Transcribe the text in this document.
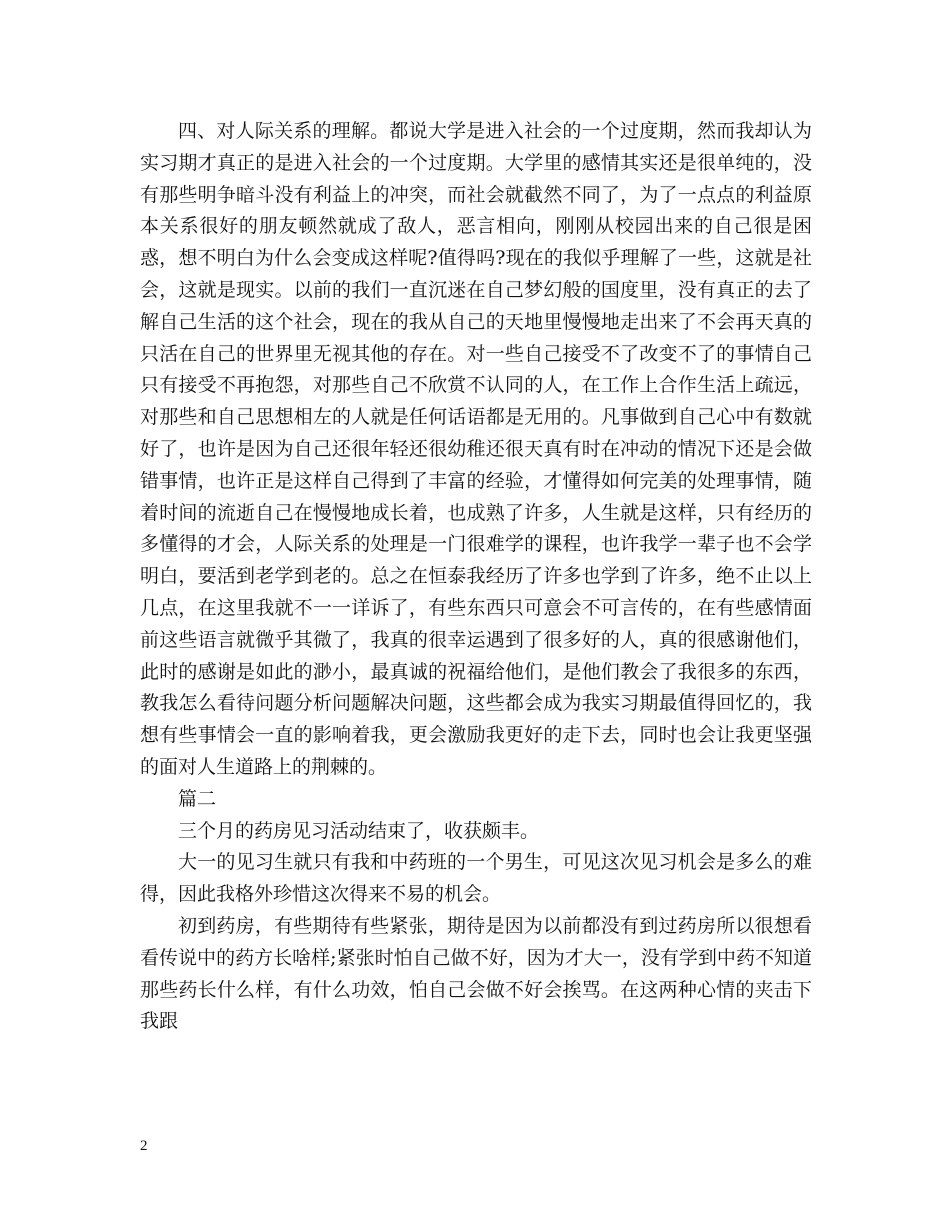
四、对人际关系的理解。都说大学是进入社会的一个过度期，然而我却认为实习期才真正的是进入社会的一个过度期。大学里的感情其实还是很单纯的，没有那些明争暗斗没有利益上的冲突，而社会就截然不同了，为了一点点的利益原本关系很好的朋友顿然就成了敌人，恶言相向，刚刚从校园出来的自己很是困惑，想不明白为什么会变成这样呢?值得吗?现在的我似乎理解了一些，这就是社会，这就是现实。以前的我们一直沉迷在自己梦幻般的国度里，没有真正的去了解自己生活的这个社会，现在的我从自己的天地里慢慢地走出来了不会再天真的只活在自己的世界里无视其他的存在。对一些自己接受不了改变不了的事情自己只有接受不再抱怨，对那些自己不欣赏不认同的人，在工作上合作生活上疏远，对那些和自己思想相左的人就是任何话语都是无用的。凡事做到自己心中有数就好了，也许是因为自己还很年轻还很幼稚还很天真有时在冲动的情况下还是会做错事情，也许正是这样自己得到了丰富的经验，才懂得如何完美的处理事情，随着时间的流逝自己在慢慢地成长着，也成熟了许多，人生就是这样，只有经历的多懂得的才会，人际关系的处理是一门很难学的课程，也许我学一辈子也不会学明白，要活到老学到老的。总之在恒泰我经历了许多也学到了许多，绝不止以上几点，在这里我就不一一详诉了，有些东西只可意会不可言传的，在有些感情面前这些语言就微乎其微了，我真的很幸运遇到了很多好的人，真的很感谢他们，此时的感谢是如此的渺小，最真诚的祝福给他们，是他们教会了我很多的东西，教我怎么看待问题分析问题解决问题，这些都会成为我实习期最值得回忆的，我想有些事情会一直的影响着我，更会激励我更好的走下去，同时也会让我更坚强的面对人生道路上的荆棘的。

篇二

三个月的药房见习活动结束了，收获颇丰。

大一的见习生就只有我和中药班的一个男生，可见这次见习机会是多么的难得，因此我格外珍惜这次得来不易的机会。

初到药房，有些期待有些紧张，期待是因为以前都没有到过药房所以很想看看传说中的药方长啥样;紧张时怕自己做不好，因为才大一，没有学到中药不知道那些药长什么样，有什么功效，怕自己会做不好会挨骂。在这两种心情的夹击下我跟

2
